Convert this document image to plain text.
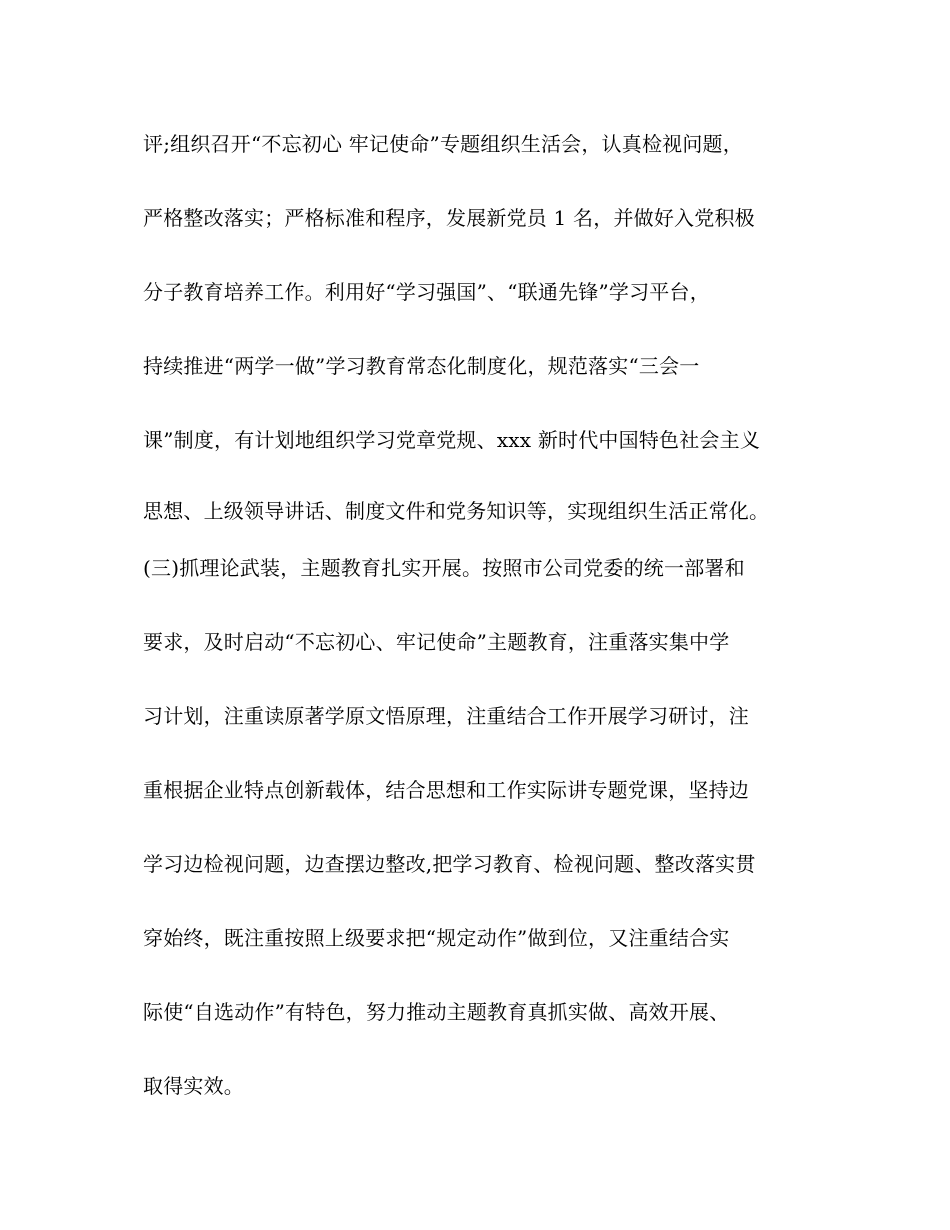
评;组织召开“不忘初心 牢记使命”专题组织生活会，认真检视问题，
严格整改落实；严格标准和程序，发展新党员 1 名，并做好入党积极
分子教育培养工作。利用好“学习强国”、“联通先锋”学习平台，
持续推进“两学一做”学习教育常态化制度化，规范落实“三会一
课”制度，有计划地组织学习党章党规、xxx 新时代中国特色社会主义
思想、上级领导讲话、制度文件和党务知识等，实现组织生活正常化。
(三)抓理论武装，主题教育扎实开展。按照市公司党委的统一部署和
要求，及时启动“不忘初心、牢记使命”主题教育，注重落实集中学
习计划，注重读原著学原文悟原理，注重结合工作开展学习研讨，注
重根据企业特点创新载体，结合思想和工作实际讲专题党课，坚持边
学习边检视问题，边查摆边整改,把学习教育、检视问题、整改落实贯
穿始终，既注重按照上级要求把“规定动作”做到位，又注重结合实
际使“自选动作”有特色，努力推动主题教育真抓实做、高效开展、
取得实效。
